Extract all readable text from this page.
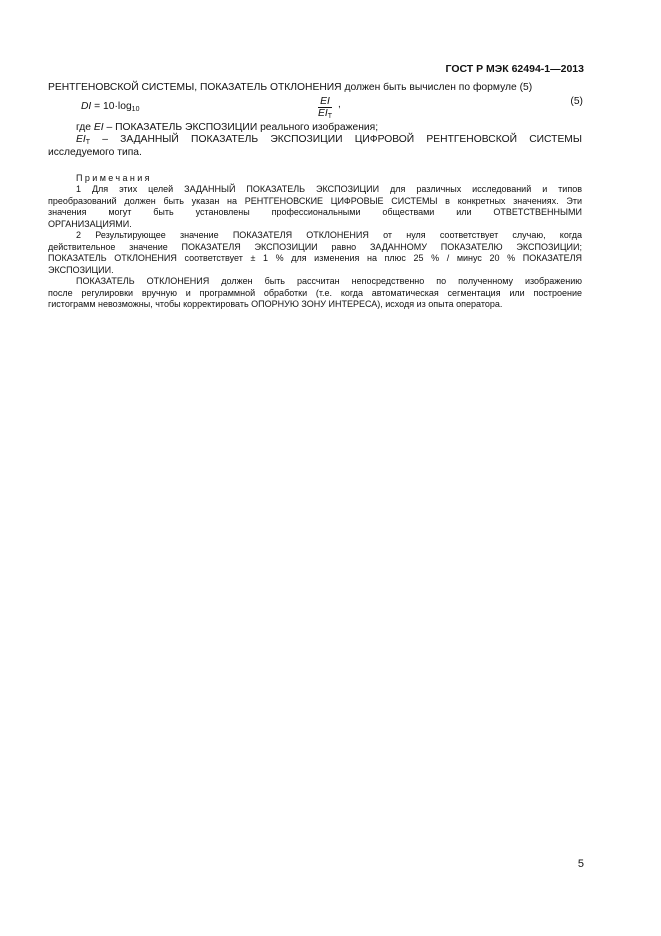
ГОСТ Р МЭК 62494-1—2013
РЕНТГЕНОВСКОЙ СИСТЕМЫ, ПОКАЗАТЕЛЬ ОТКЛОНЕНИЯ должен быть вычислен по формуле (5)
DI = $10\cdot\log_{10}$
EI
$EI_T$
,	(5)
где EI – ПОКАЗАТЕЛЬ ЭКСПОЗИЦИИ реального изображения;
$EI_T$ – ЗАДАННЫЙ ПОКАЗАТЕЛЬ ЭКСПОЗИЦИИ ЦИФРОВОЙ РЕНТГЕНОВСКОЙ СИСТЕМЫ
исследуемого типа.
Примечания
1 Для этих целей ЗАДАННЫЙ ПОКАЗАТЕЛЬ ЭКСПОЗИЦИИ для различных исследований и типов
преобразований должен быть указан на РЕНТГЕНОВСКИЕ ЦИФРОВЫЕ СИСТЕМЫ в конкретных значениях. Эти
значения могут быть установлены профессиональными обществами или ОТВЕТСТВЕННЫМИ
ОРГАНИЗАЦИЯМИ.
2 Результирующее значение ПОКАЗАТЕЛЯ ОТКЛОНЕНИЯ от нуля соответствует случаю, когда
действительное значение ПОКАЗАТЕЛЯ ЭКСПОЗИЦИИ равно ЗАДАННОМУ ПОКАЗАТЕЛЮ ЭКСПОЗИЦИИ;
ПОКАЗАТЕЛЬ ОТКЛОНЕНИЯ соответствует ± 1 % для изменения на плюс 25 % / минус 20 % ПОКАЗАТЕЛЯ
ЭКСПОЗИЦИИ.
ПОКАЗАТЕЛЬ ОТКЛОНЕНИЯ должен быть рассчитан непосредственно по полученному изображению
после регулировки вручную и программной обработки (т.е. когда автоматическая сегментация или построение
гистограмм невозможны, чтобы корректировать ОПОРНУЮ ЗОНУ ИНТЕРЕСА), исходя из опыта оператора.
5
